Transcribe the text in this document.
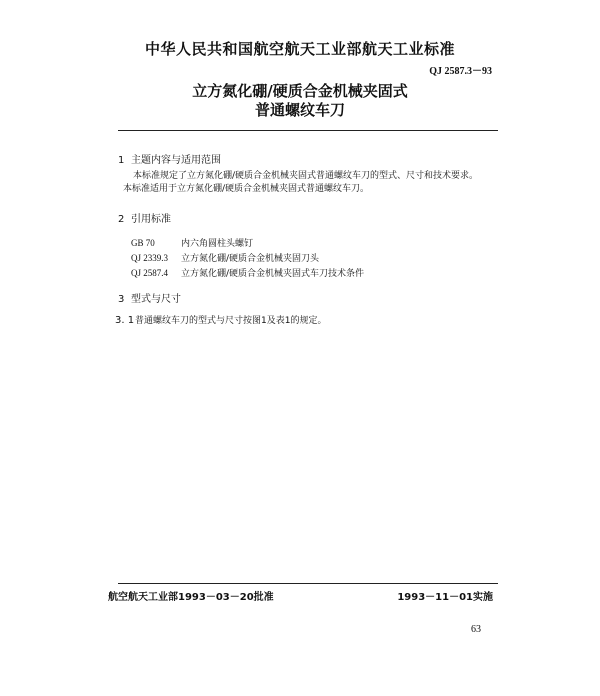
中华人民共和国航空航天工业部航天工业标准
QJ 2587.3－93
立方氮化硼/硬质合金机械夹固式
普通螺纹车刀
1 主题内容与适用范围
本标准规定了立方氮化硼/硬质合金机械夹固式普通螺纹车刀的型式、尺寸和技术要求。
本标准适用于立方氮化硼/硬质合金机械夹固式普通螺纹车刀。
2 引用标准
GB 70	内六角圆柱头螺钉
QJ 2339.3 立方氮化硼/硬质合金机械夹固刀头
QJ 2587.4 立方氮化硼/硬质合金机械夹固式车刀技术条件
3 型式与尺寸
3. 1普通螺纹车刀的型式与尺寸按图1及表1的规定。
航空航天工业部1993－03－20批准	1993－11－01实施
63
